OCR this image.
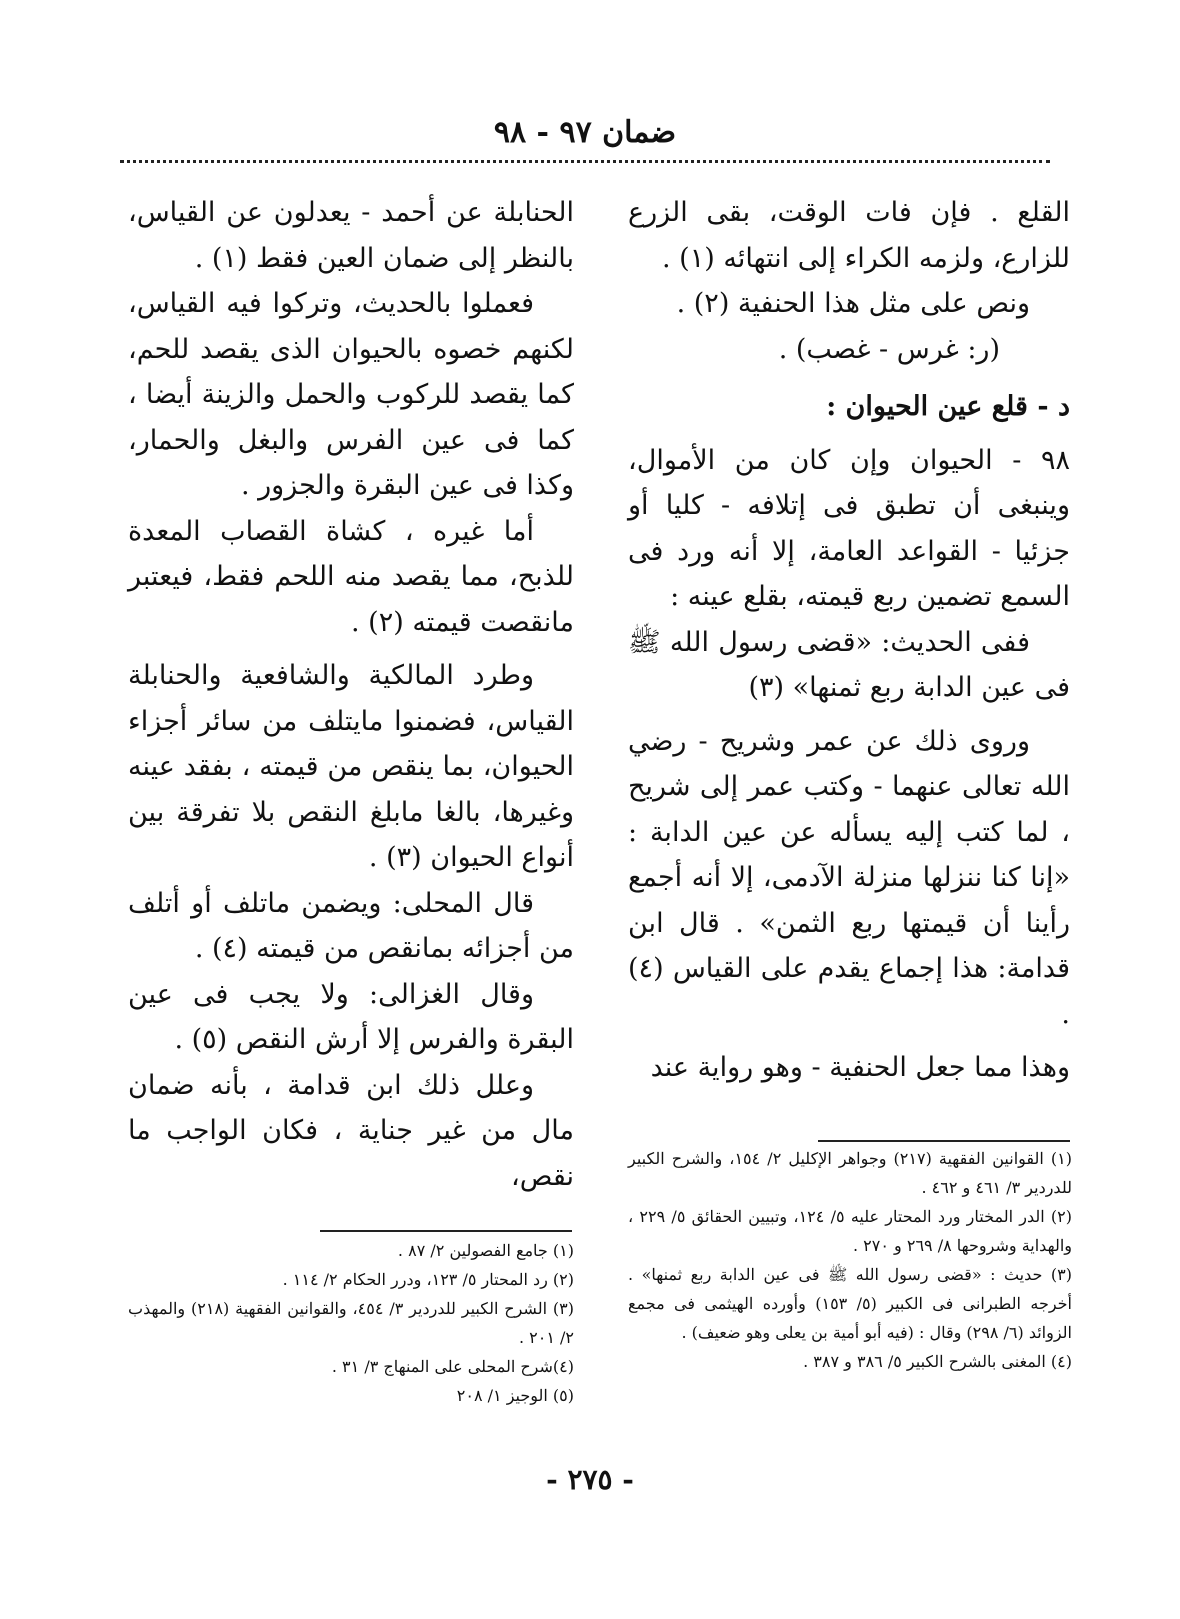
ضمان ٩٧ - ٩٨

القلع . فإن فات الوقت، بقى الزرع للزارع، ولزمه الكراء إلى انتهائه (١) .

ونص على مثل هذا الحنفية (٢) .

(ر: غرس - غصب) .

د - قلع عين الحيوان :

٩٨ - الحيوان وإن كان من الأموال، وينبغى أن تطبق فى إتلافه - كليا أو جزئيا - القواعد العامة، إلا أنه ورد فى السمع تضمين ربع قيمته، بقلع عينه :

ففى الحديث: «قضى رسول الله ﷺ فى عين الدابة ربع ثمنها» (٣)

وروى ذلك عن عمر وشريح - رضي الله تعالى عنهما - وكتب عمر إلى شريح ، لما كتب إليه يسأله عن عين الدابة : «إنا كنا ننزلها منزلة الآدمى، إلا أنه أجمع رأينا أن قيمتها ربع الثمن» . قال ابن قدامة: هذا إجماع يقدم على القياس (٤) .

وهذا مما جعل الحنفية - وهو رواية عند

الحنابلة عن أحمد - يعدلون عن القياس، بالنظر إلى ضمان العين فقط (١) .

فعملوا بالحديث، وتركوا فيه القياس، لكنهم خصوه بالحيوان الذى يقصد للحم، كما يقصد للركوب والحمل والزينة أيضا ، كما فى عين الفرس والبغل والحمار، وكذا فى عين البقرة والجزور .

أما غيره ، كشاة القصاب المعدة للذبح، مما يقصد منه اللحم فقط، فيعتبر مانقصت قيمته (٢) .

وطرد المالكية والشافعية والحنابلة القياس، فضمنوا مايتلف من سائر أجزاء الحيوان، بما ينقص من قيمته ، بفقد عينه وغيرها، بالغا مابلغ النقص بلا تفرقة بين أنواع الحيوان (٣) .

قال المحلى: ويضمن ماتلف أو أتلف من أجزائه بمانقص من قيمته (٤) .

وقال الغزالى: ولا يجب فى عين البقرة والفرس إلا أرش النقص (٥) .

وعلل ذلك ابن قدامة ، بأنه ضمان مال من غير جناية ، فكان الواجب ما نقص،

(١) القوانين الفقهية (٢١٧) وجواهر الإكليل ٢/ ١٥٤، والشرح الكبير للدردير ٣/ ٤٦١ و ٤٦٢ .

(٢) الدر المختار ورد المحتار عليه ٥/ ١٢٤، وتبيين الحقائق ٥/ ٢٢٩ ، والهداية وشروحها ٨/ ٢٦٩ و ٢٧٠ .

(٣) حديث : «قضى رسول الله ﷺ فى عين الدابة ربع ثمنها» . أخرجه الطبرانى فى الكبير (٥/ ١٥٣) وأورده الهيثمى فى مجمع الزوائد (٦/ ٢٩٨) وقال : (فيه أبو أمية بن يعلى وهو ضعيف) .

(٤) المغنى بالشرح الكبير ٥/ ٣٨٦ و ٣٨٧ .

(١) جامع الفصولين ٢/ ٨٧ .

(٢) رد المحتار ٥/ ١٢٣، ودرر الحكام ٢/ ١١٤ .

(٣) الشرح الكبير للدردير ٣/ ٤٥٤، والقوانين الفقهية (٢١٨) والمهذب ٢/ ٢٠١ .

(٤)شرح المحلى على المنهاج ٣/ ٣١ .

(٥) الوجيز ١/ ٢٠٨

- ٢٧٥ -
